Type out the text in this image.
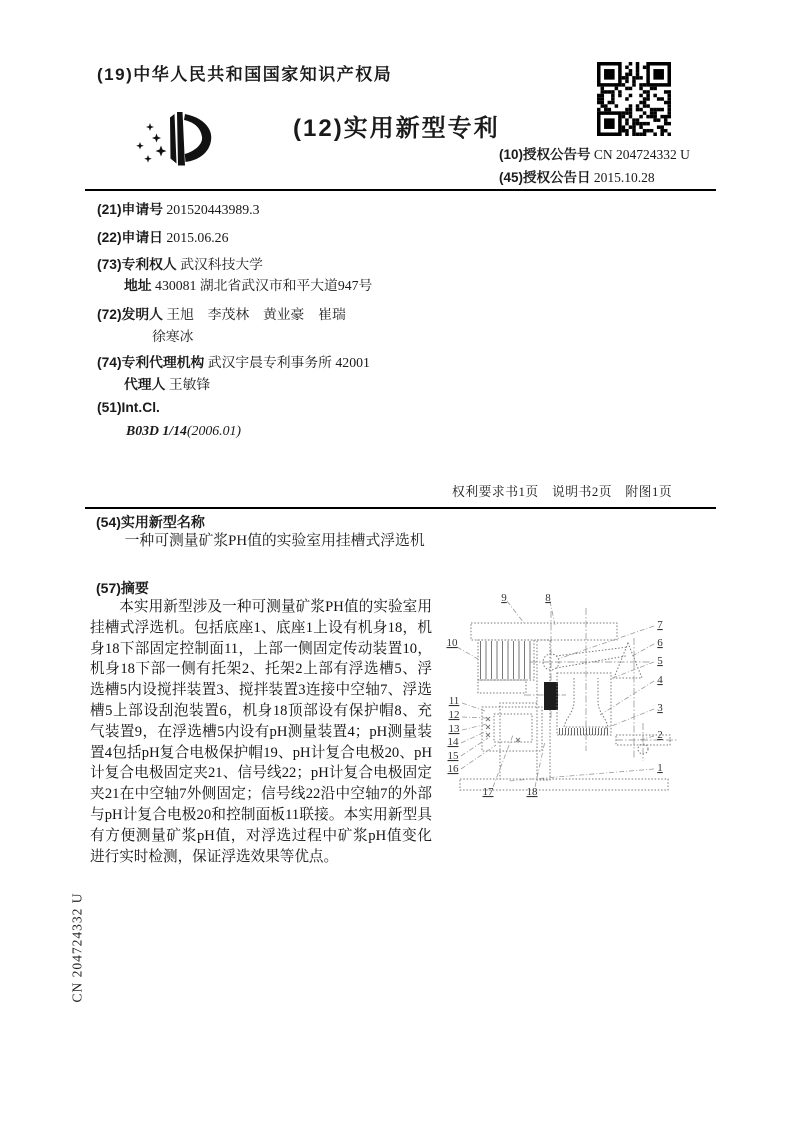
(19)中华人民共和国国家知识产权局
(12)实用新型专利
(10)授权公告号 CN 204724332 U
(45)授权公告日 2015.10.28
(21)申请号 201520443989.3
(22)申请日 2015.06.26
(73)专利权人 武汉科技大学
地址 430081 湖北省武汉市和平大道947号
(72)发明人 王旭　李茂林　黄业豪　崔瑞
徐寒冰
(74)专利代理机构 武汉宇晨专利事务所 42001
代理人 王敏锋
(51)Int.Cl.
B03D 1/14(2006.01)
权利要求书1页　说明书2页　附图1页
(54)实用新型名称
一种可测量矿浆PH值的实验室用挂槽式浮选机
(57)摘要
本实用新型涉及一种可测量矿浆PH值的实验室用挂槽式浮选机。包括底座1、底座1上设有机身18，机身18下部固定控制面11，上部一侧固定传动装置10，机身18下部一侧有托架2、托架2上部有浮选槽5、浮选槽5内设搅拌装置3、搅拌装置3连接中空轴7、浮选槽5上部设刮泡装置6，机身18顶部设有保护帽8、充气装置9，在浮选槽5内设有pH测量装置4；pH测量装置4包括pH复合电极保护帽19、pH计复合电极20、pH计复合电极固定夹21、信号线22；pH计复合电极固定夹21在中空轴7外侧固定；信号线22沿中空轴7的外部与pH计复合电极20和控制面板11联接。本实用新型具有方便测量矿浆pH值，对浮选过程中矿浆pH值变化进行实时检测，保证浮选效果等优点。
9	8
10
7
6
5
4
3
2
1
11
12
13
14
15
16
17	18
CN 204724332 U
